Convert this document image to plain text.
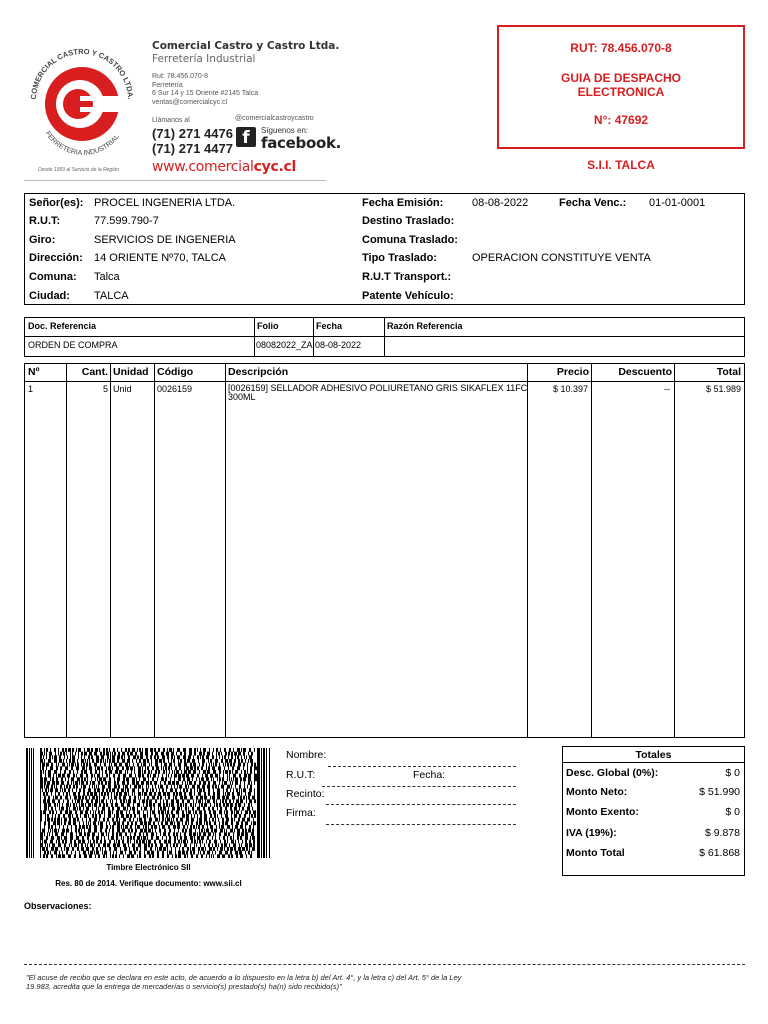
COMERCIAL CASTRO Y CASTRO LTDA.
FERRETERIA INDUSTRIAL
Comercial Castro y Castro Ltda.
Ferretería Industrial
Rut: 78.456.070-8
Ferretería
6 Sur 14 y 15 Oriente #2145 Talca
ventas@comercialcyc.cl
Llámanos al
(71) 271 4476
(71) 271 4477
@comercialcastroycastro
f	Síguenos en:
facebook.
www.comercialcyc.cl
Desde 1993 al Servicio de la Región
RUT: 78.456.070-8
GUIA DE DESPACHO
ELECTRONICA
N°: 47692
S.I.I. TALCA
Señor(es): PROCEL INGENERIA LTDA.
R.U.T:	77.599.790-7
Giro:	SERVICIOS DE INGENERIA
Dirección: 14 ORIENTE Nº70, TALCA
Comuna: Talca
Ciudad: TALCA
Fecha Emisión:	08-08-2022	Fecha Venc.: 01-01-0001
Destino Traslado:
Comuna Traslado:
Tipo Traslado:	OPERACION CONSTITUYE VENTA
R.U.T Transport.:
Patente Vehículo:
Doc. Referencia	Folio	Fecha	Razón Referencia
ORDEN DE COMPRA	08082022_ZA 08-08-2022
Nº	Cant. Unidad Código	Descripción	Precio	Descuento	Total
1	5 Unid	0026159	[0026159] SELLADOR ADHESIVO POLIURETANO GRIS SIKAFLEX 11FC
300ML
$ 10.397	--	$ 51.989
Timbre Electrónico SII
Res. 80 de 2014. Verifique documento: www.sii.cl
Nombre:
R.U.T:	Fecha:
Recinto:
Firma:
Totales
Desc. Global (0%):	$ 0
Monto Neto:	$ 51.990
Monto Exento:	$ 0
IVA (19%):	$ 9.878
Monto Total	$ 61.868
Observaciones:
"El acuse de recibo que se declara en este acto, de acuerdo a lo dispuesto en la letra b) del Art. 4°, y la letra c) del Art. 5° de la Ley
19.983, acredita que la entrega de mercaderías o servicio(s) prestado(s) ha(n) sido recibido(s)"
